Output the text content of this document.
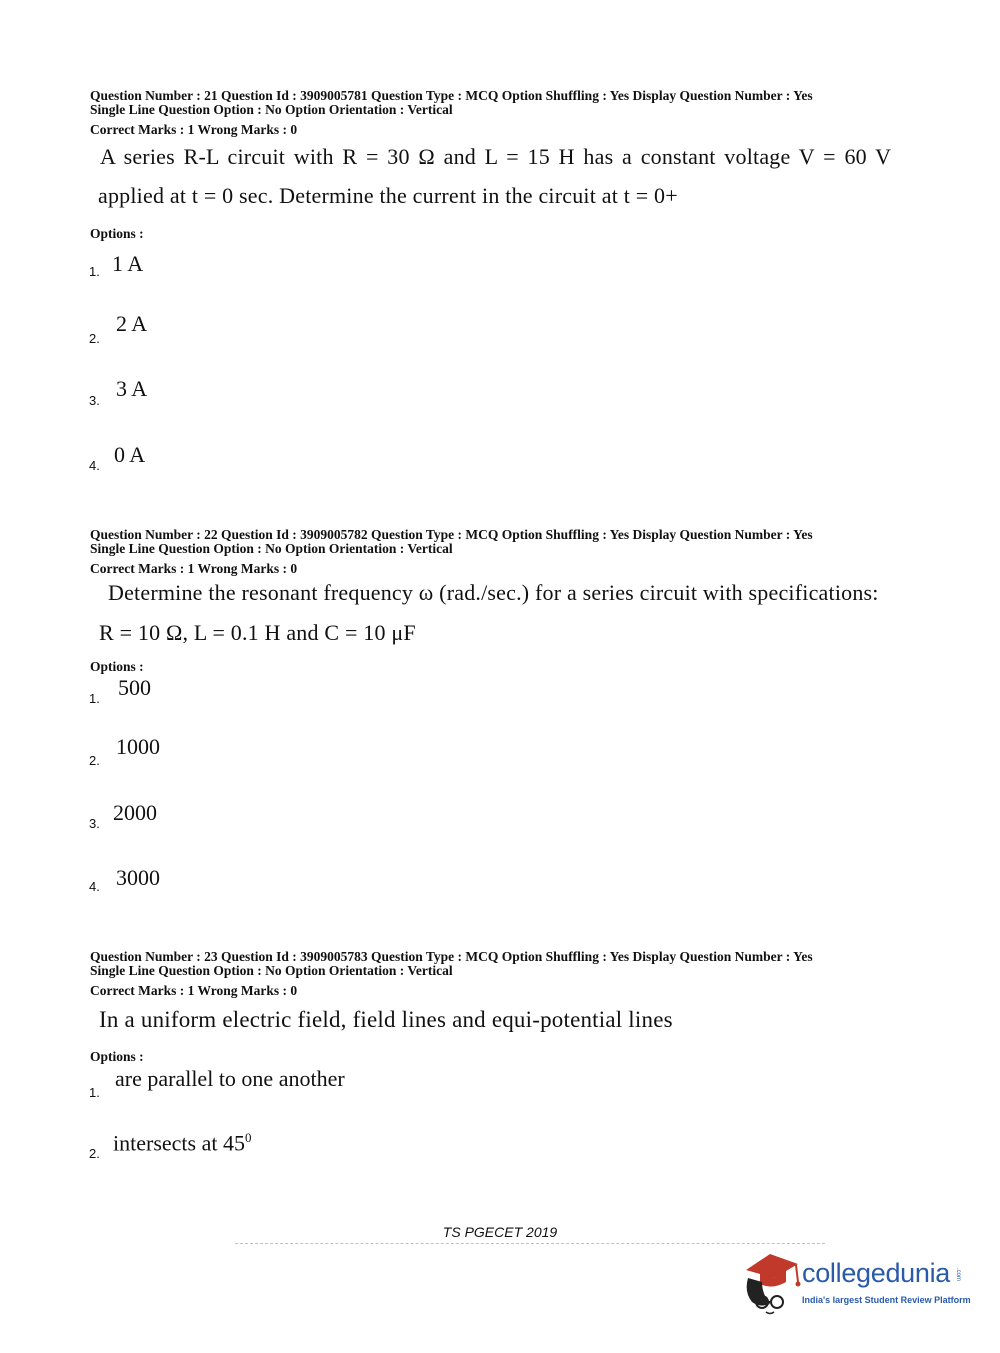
Question Number : 21 Question Id : 3909005781 Question Type : MCQ Option Shuffling : Yes Display Question Number : Yes
Single Line Question Option : No Option Orientation : Vertical
Correct Marks : 1 Wrong Marks : 0
A series R-L circuit with R = 30 Ω and L = 15 H has a constant voltage V = 60 V
applied at t = 0 sec. Determine the current in the circuit at t = 0+
Options :
1. 1 A
2.
2 A
3. 3 A
4. 0 A
Question Number : 22 Question Id : 3909005782 Question Type : MCQ Option Shuffling : Yes Display Question Number : Yes
Single Line Question Option : No Option Orientation : Vertical
Correct Marks : 1 Wrong Marks : 0
Determine the resonant frequency ω (rad./sec.) for a series circuit with specifications:
R = 10 Ω, L = 0.1 H and C = 10 μF
Options :
1. 500
2.
1000
3. 2000
4. 3000
Question Number : 23 Question Id : 3909005783 Question Type : MCQ Option Shuffling : Yes Display Question Number : Yes
Single Line Question Option : No Option Orientation : Vertical
Correct Marks : 1 Wrong Marks : 0
In a uniform electric field, field lines and equi-potential lines
Options :
1.
are parallel to one another
2. intersects at $45^0$
TS PGECET 2019
collegedunia .com
India's largest Student Review Platform
